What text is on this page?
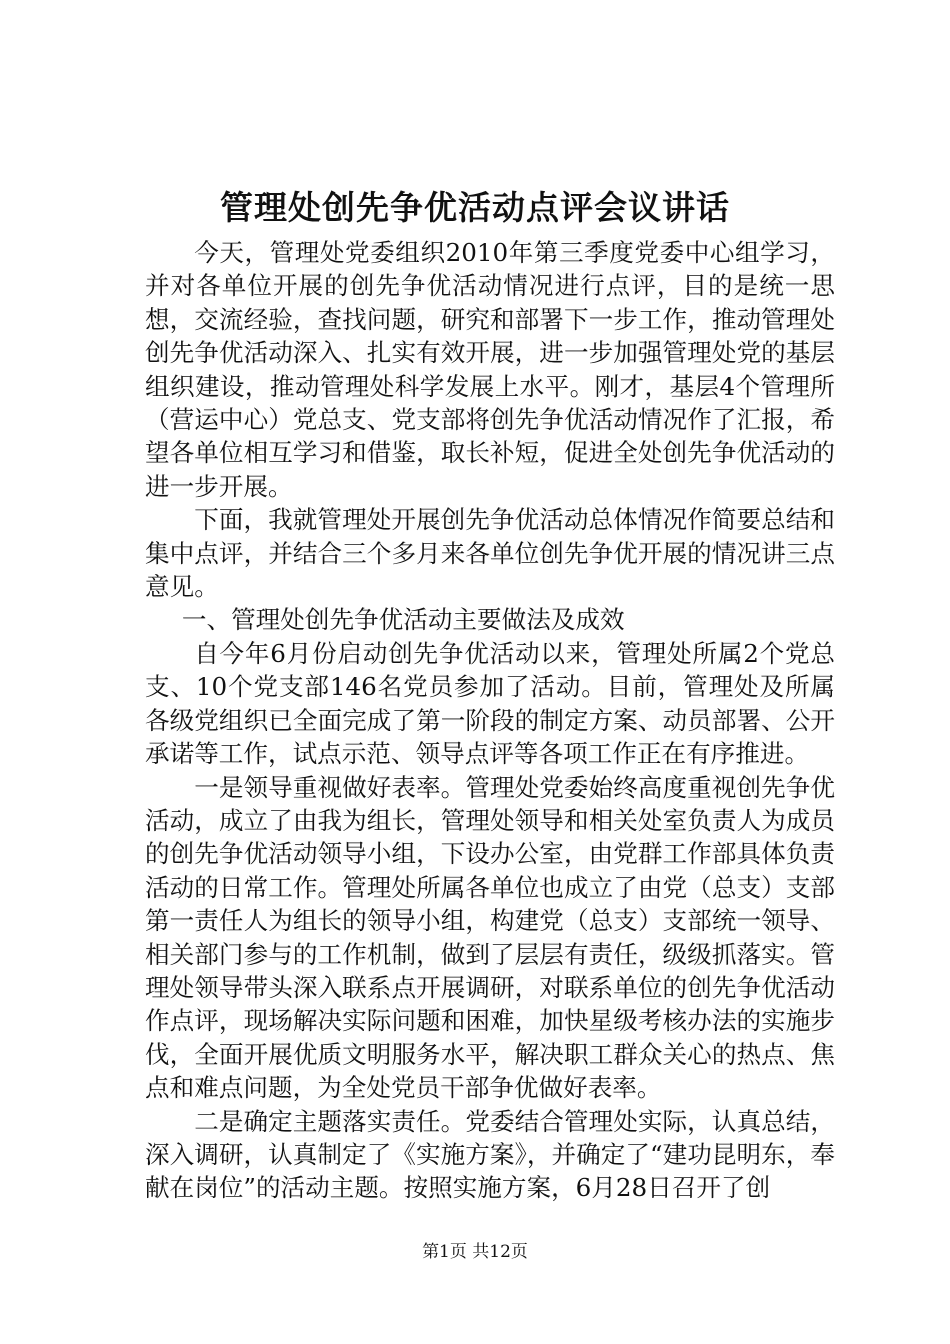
管理处创先争优活动点评会议讲话

今天，管理处党委组织2010年第三季度党委中心组学习，并对各单位开展的创先争优活动情况进行点评，目的是统一思想，交流经验，查找问题，研究和部署下一步工作，推动管理处创先争优活动深入、扎实有效开展，进一步加强管理处党的基层组织建设，推动管理处科学发展上水平。刚才，基层4个管理所（营运中心）党总支、党支部将创先争优活动情况作了汇报，希望各单位相互学习和借鉴，取长补短，促进全处创先争优活动的进一步开展。

下面，我就管理处开展创先争优活动总体情况作简要总结和集中点评，并结合三个多月来各单位创先争优开展的情况讲三点意见。

一、管理处创先争优活动主要做法及成效

自今年6月份启动创先争优活动以来，管理处所属2个党总支、10个党支部146名党员参加了活动。目前，管理处及所属各级党组织已全面完成了第一阶段的制定方案、动员部署、公开承诺等工作，试点示范、领导点评等各项工作正在有序推进。

一是领导重视做好表率。管理处党委始终高度重视创先争优活动，成立了由我为组长，管理处领导和相关处室负责人为成员的创先争优活动领导小组，下设办公室，由党群工作部具体负责活动的日常工作。管理处所属各单位也成立了由党（总支）支部第一责任人为组长的领导小组，构建党（总支）支部统一领导、相关部门参与的工作机制，做到了层层有责任，级级抓落实。管理处领导带头深入联系点开展调研，对联系单位的创先争优活动作点评，现场解决实际问题和困难，加快星级考核办法的实施步伐，全面开展优质文明服务水平，解决职工群众关心的热点、焦点和难点问题，为全处党员干部争优做好表率。

二是确定主题落实责任。党委结合管理处实际，认真总结，深入调研，认真制定了《实施方案》，并确定了“建功昆明东，奉献在岗位”的活动主题。按照实施方案，6月28日召开了创

第1页 共12页
